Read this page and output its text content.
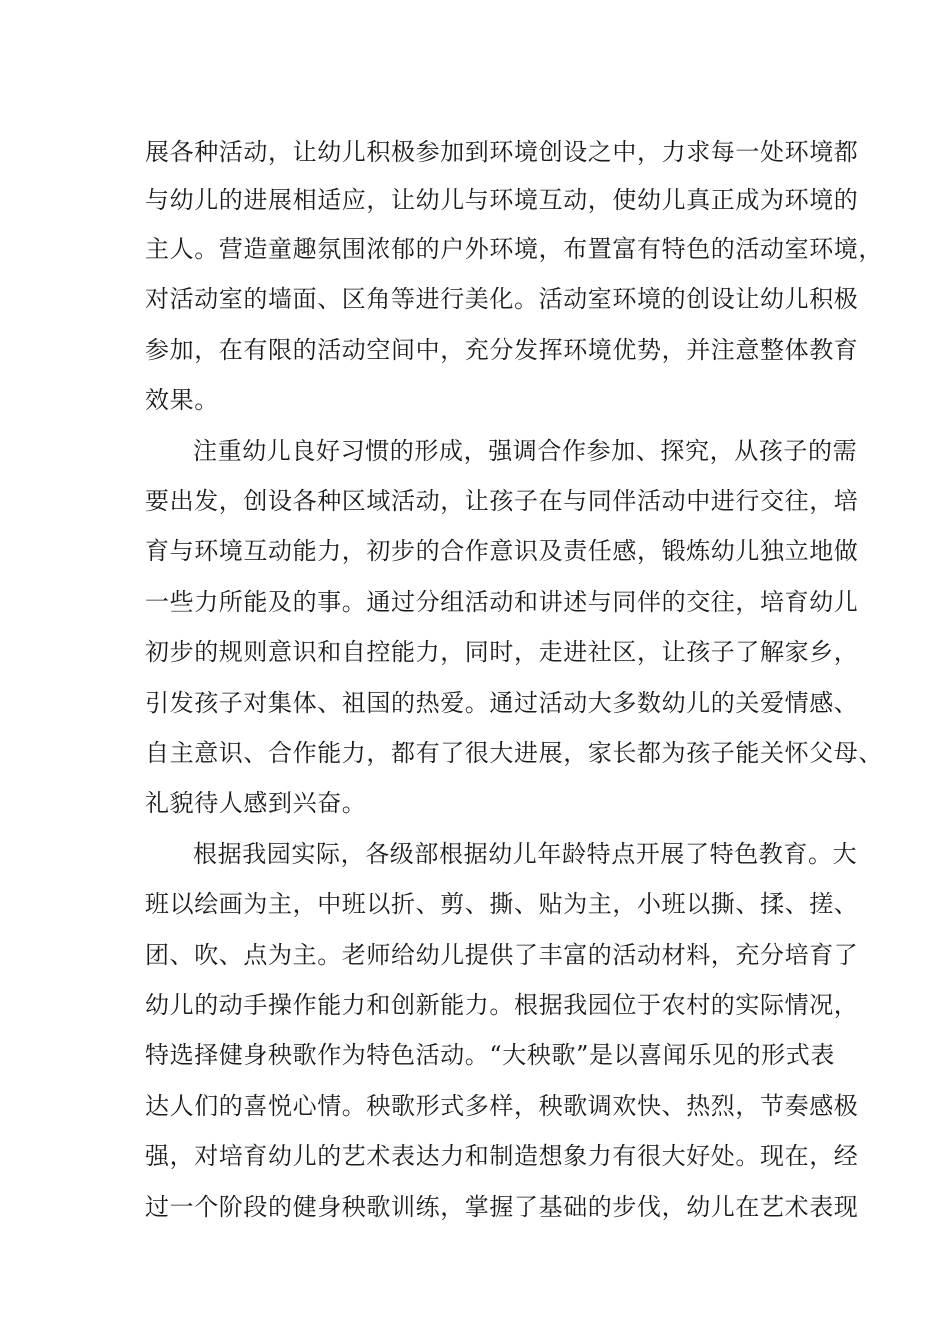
展各种活动，让幼儿积极参加到环境创设之中，力求每一处环境都
与幼儿的进展相适应，让幼儿与环境互动，使幼儿真正成为环境的
主人。营造童趣氛围浓郁的户外环境，布置富有特色的活动室环境，
对活动室的墙面、区角等进行美化。活动室环境的创设让幼儿积极
参加，在有限的活动空间中，充分发挥环境优势，并注意整体教育
效果。
注重幼儿良好习惯的形成，强调合作参加、探究，从孩子的需
要出发，创设各种区域活动，让孩子在与同伴活动中进行交往，培
育与环境互动能力，初步的合作意识及责任感，锻炼幼儿独立地做
一些力所能及的事。通过分组活动和讲述与同伴的交往，培育幼儿
初步的规则意识和自控能力，同时，走进社区，让孩子了解家乡，
引发孩子对集体、祖国的热爱。通过活动大多数幼儿的关爱情感、
自主意识、合作能力，都有了很大进展，家长都为孩子能关怀父母、
礼貌待人感到兴奋。
根据我园实际，各级部根据幼儿年龄特点开展了特色教育。大
班以绘画为主，中班以折、剪、撕、贴为主，小班以撕、揉、搓、
团、吹、点为主。老师给幼儿提供了丰富的活动材料，充分培育了
幼儿的动手操作能力和创新能力。根据我园位于农村的实际情况，
特选择健身秧歌作为特色活动。“大秧歌”是以喜闻乐见的形式表
达人们的喜悦心情。秧歌形式多样，秧歌调欢快、热烈，节奏感极
强，对培育幼儿的艺术表达力和制造想象力有很大好处。现在，经
过一个阶段的健身秧歌训练，掌握了基础的步伐，幼儿在艺术表现
